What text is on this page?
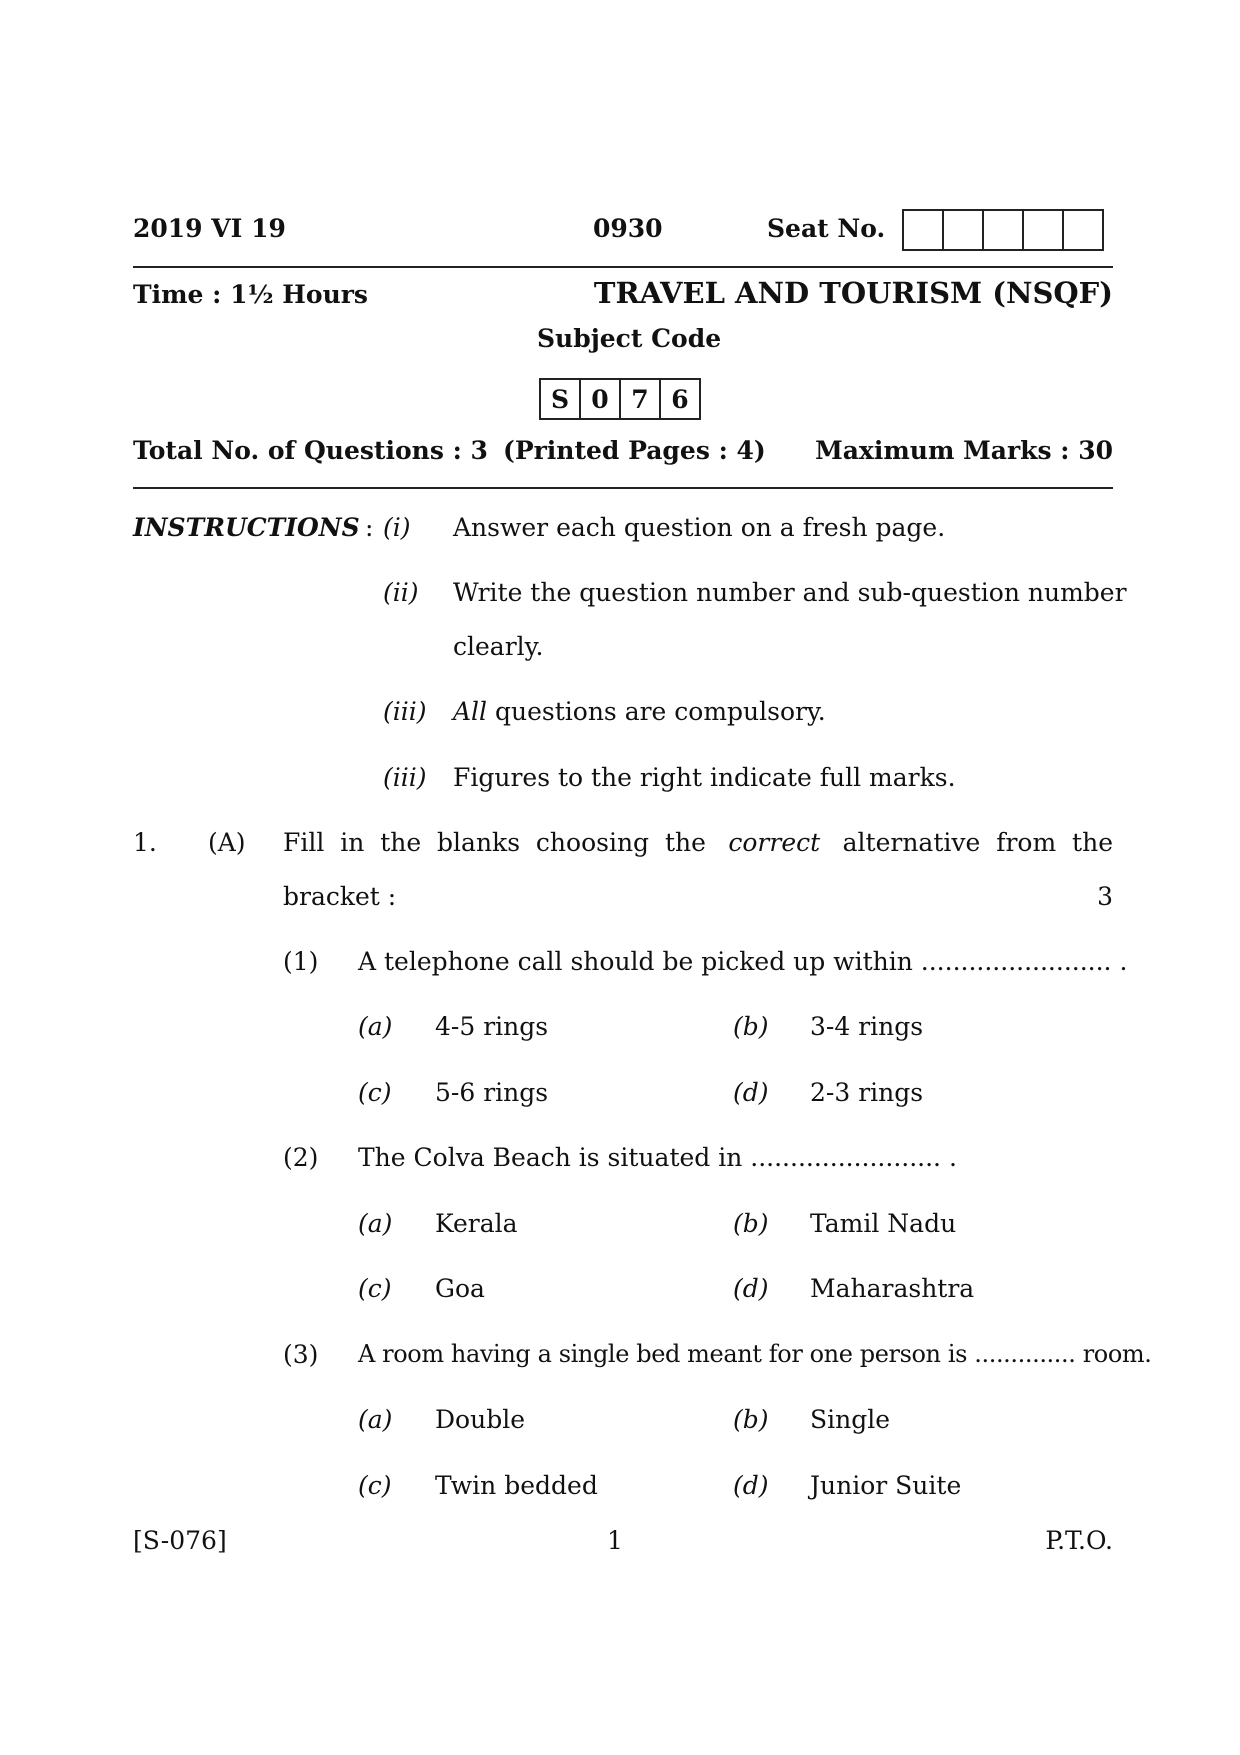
2019 VI 19	0930	Seat No.
Time : 1½ Hours	TRAVEL AND TOURISM (NSQF)
Subject Code
S 0 7 6
Total No. of Questions : 3 (Printed Pages : 4) Maximum Marks : 30
INSTRUCTIONS : (i) Answer each question on a fresh page.
(ii) Write the question number and sub-question number
clearly.
(iii) All questions are compulsory.
(iii) Figures to the right indicate full marks.
1. (A) Fill  in  the  blanks  choosing  the correct alternative  from  the
bracket :	3
(1) A telephone call should be picked up within ........................ .
(a) 4-5 rings	(b) 3-4 rings
(c) 5-6 rings	(d) 2-3 rings
(2) The Colva Beach is situated in ........................ .
(a) Kerala	(b) Tamil Nadu
(c) Goa	(d) Maharashtra
(3) A room having a single bed meant for one person is .............. room.
(a) Double	(b) Single
(c) Twin bedded	(d) Junior Suite
[S-076]	1	P.T.O.
